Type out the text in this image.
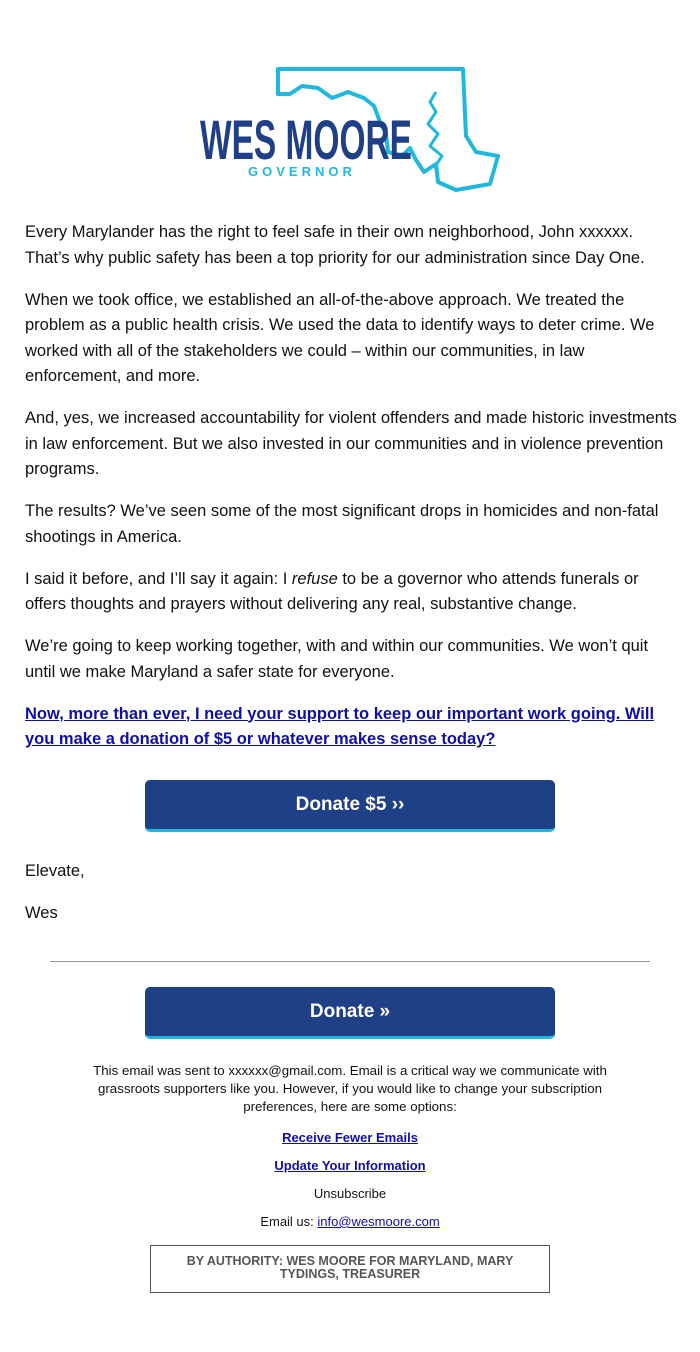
WES MOORE
GOVERNOR

Every Marylander has the right to feel safe in their own neighborhood, John xxxxxx. That’s why public safety has been a top priority for our administration since Day One.

When we took office, we established an all-of-the-above approach. We treated the problem as a public health crisis. We used the data to identify ways to deter crime. We worked with all of the stakeholders we could – within our communities, in law enforcement, and more.

And, yes, we increased accountability for violent offenders and made historic investments in law enforcement. But we also invested in our communities and in violence prevention programs.

The results? We’ve seen some of the most significant drops in homicides and non-fatal shootings in America.

I said it before, and I’ll say it again: I refuse to be a governor who attends funerals or offers thoughts and prayers without delivering any real, substantive change.

We’re going to keep working together, with and within our communities. We won’t quit until we make Maryland a safer state for everyone.

Now, more than ever, I need your support to keep our important work going. Will you make a donation of $5 or whatever makes sense today?

Donate $5 ››
Elevate,
Wes
Donate »

This email was sent to xxxxxx@gmail.com. Email is a critical way we communicate with grassroots supporters like you. However, if you would like to change your subscription preferences, here are some options:

Receive Fewer Emails
Update Your Information
Unsubscribe
Email us: info@wesmoore.com
BY AUTHORITY: WES MOORE FOR MARYLAND, MARY TYDINGS, TREASURER
